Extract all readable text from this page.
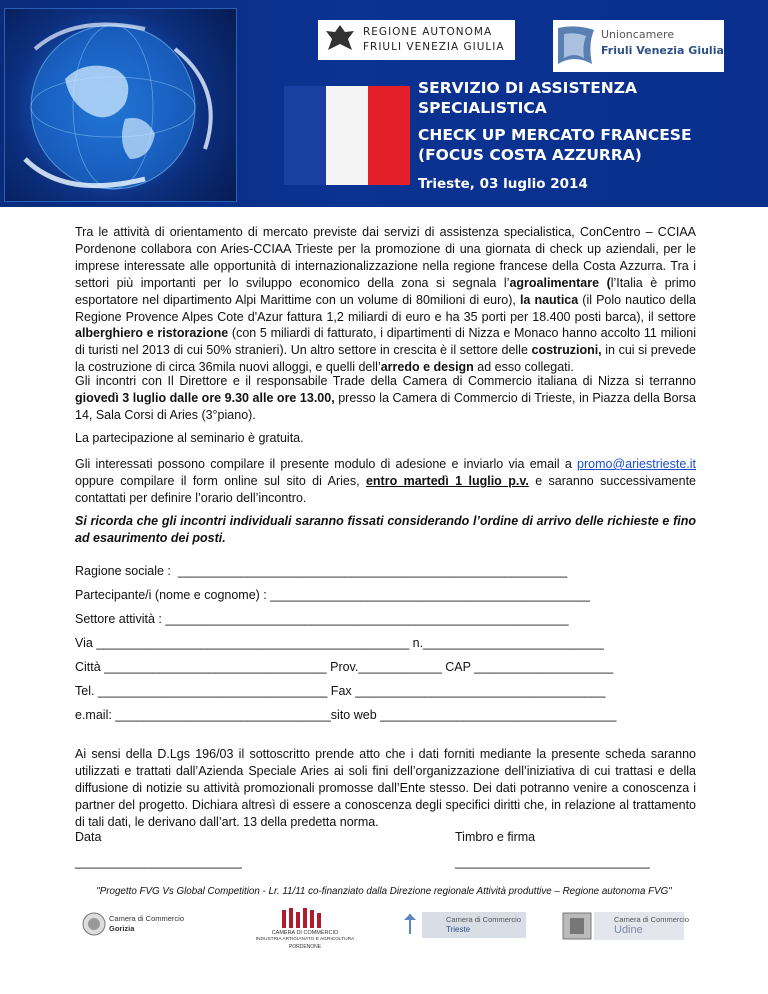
REGIONE AUTONOMA
FRIULI VENEZIA GIULIA
Unioncamere
Friuli Venezia Giulia
SERVIZIO DI ASSISTENZA
SPECIALISTICA
CHECK UP MERCATO FRANCESE
(FOCUS COSTA AZZURRA)
Trieste, 03 luglio 2014
Tra le attività di orientamento di mercato previste dai servizi di assistenza specialistica, ConCentro – CCIAA Pordenone collabora con Aries-CCIAA Trieste per la promozione di una giornata di check up aziendali, per le imprese interessate alle opportunità di internazionalizzazione nella regione francese della Costa Azzurra. Tra i settori più importanti per lo sviluppo economico della zona si segnala l’agroalimentare (l’Italia è primo esportatore nel dipartimento Alpi Marittime con un volume di 80milioni di euro), la nautica (il Polo nautico della Regione Provence Alpes Cote d'Azur fattura 1,2 miliardi di euro e ha 35 porti per 18.400 posti barca), il settore alberghiero e ristorazione (con 5 miliardi di fatturato, i dipartimenti di Nizza e Monaco hanno accolto 11 milioni di turisti nel 2013 di cui 50% stranieri). Un altro settore in crescita è il settore delle costruzioni, in cui si prevede la costruzione di circa 36mila nuovi alloggi, e quelli dell’arredo e design ad esso collegati.
Gli incontri con Il Direttore e il responsabile Trade della Camera di Commercio italiana di Nizza si terranno giovedì 3 luglio dalle ore 9.30 alle ore 13.00, presso la Camera di Commercio di Trieste, in Piazza della Borsa 14, Sala Corsi di Aries (3°piano).
La partecipazione al seminario è gratuita.
Gli interessati possono compilare il presente modulo di adesione e inviarlo via email a promo@ariestrieste.it oppure compilare il form online sul sito di Aries, entro martedì 1 luglio p.v. e saranno successivamente contattati per definire l’orario dell’incontro.
Si ricorda che gli incontri individuali saranno fissati considerando l’ordine di arrivo delle richieste e fino ad esaurimento dei posti.
Ragione sociale :  ________________________________________________________
Partecipante/i (nome e cognome) : ______________________________________________
Settore attività : __________________________________________________________
Via _____________________________________________ n.__________________________
Città ________________________________ Prov.____________ CAP ____________________
Tel. _________________________________ Fax ____________________________________
e.mail: _______________________________sito web __________________________________
Ai sensi della D.Lgs 196/03 il sottoscritto prende atto che i dati forniti mediante la presente scheda saranno utilizzati e trattati dall’Azienda Speciale Aries ai soli fini dell’organizzazione dell’iniziativa di cui trattasi e della diffusione di notizie su attività promozionali promosse dall’Ente stesso. Dei dati potranno venire a conoscenza i partner del progetto. Dichiara altresì di essere a conoscenza degli specifici diritti che, in relazione al trattamento di tali dati, le derivano dall’art. 13 della predetta norma.
Data	Timbro e firma
________________________	____________________________
"Progetto FVG Vs Global Competition - Lr. 11/11 co-finanziato dalla Direzione regionale Attività produttive – Regione autonoma FVG"
Camera di Commercio
Gorizia	CAMERA DI COMMERCIO
INDUSTRIA ARTIGIANATO E AGRICOLTURA
PORDENONE
Camera di Commercio
Trieste
Camera di Commercio
Udine
